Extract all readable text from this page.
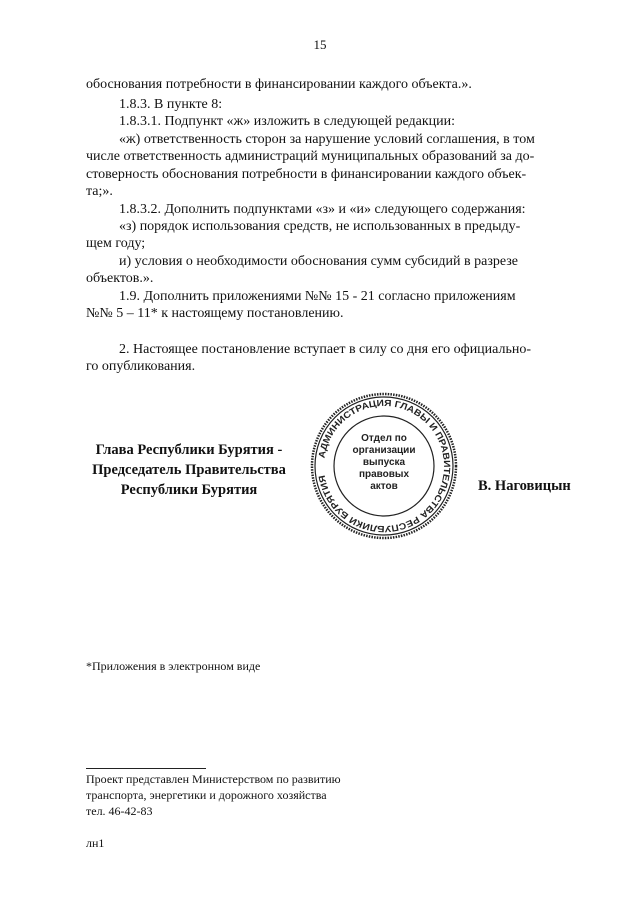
15
обоснования потребности в финансировании каждого объекта.».
1.8.3. В пункте 8:
1.8.3.1. Подпункт «ж» изложить в следующей редакции:
«ж) ответственность сторон за нарушение условий соглашения, в том
числе ответственность администраций муниципальных образований за до-
стоверность обоснования потребности в финансировании каждого объек-
та;».
1.8.3.2. Дополнить подпунктами «з» и «и» следующего содержания:
«з) порядок использования средств, не использованных в предыду-
щем году;
и) условия о необходимости обоснования сумм субсидий в разрезе
объектов.».
1.9. Дополнить приложениями №№ 15 - 21 согласно приложениям
№№ 5 – 11* к настоящему постановлению.
2. Настоящее постановление вступает в силу со дня его официально-
го опубликования.
Глава Республики Бурятия -
Председатель Правительства
Республики Бурятия
АДМИНИСТРАЦИЯ ГЛАВЫ И ПРАВИТЕЛЬСТВА РЕСПУБЛИКИ БУРЯТИЯ
Отдел по
организации
выпуска
правовых
актов	В. Наговицын
*Приложения в электронном виде
Проект представлен Министерством по развитию
транспорта, энергетики и дорожного хозяйства
тел. 46-42-83
лн1
